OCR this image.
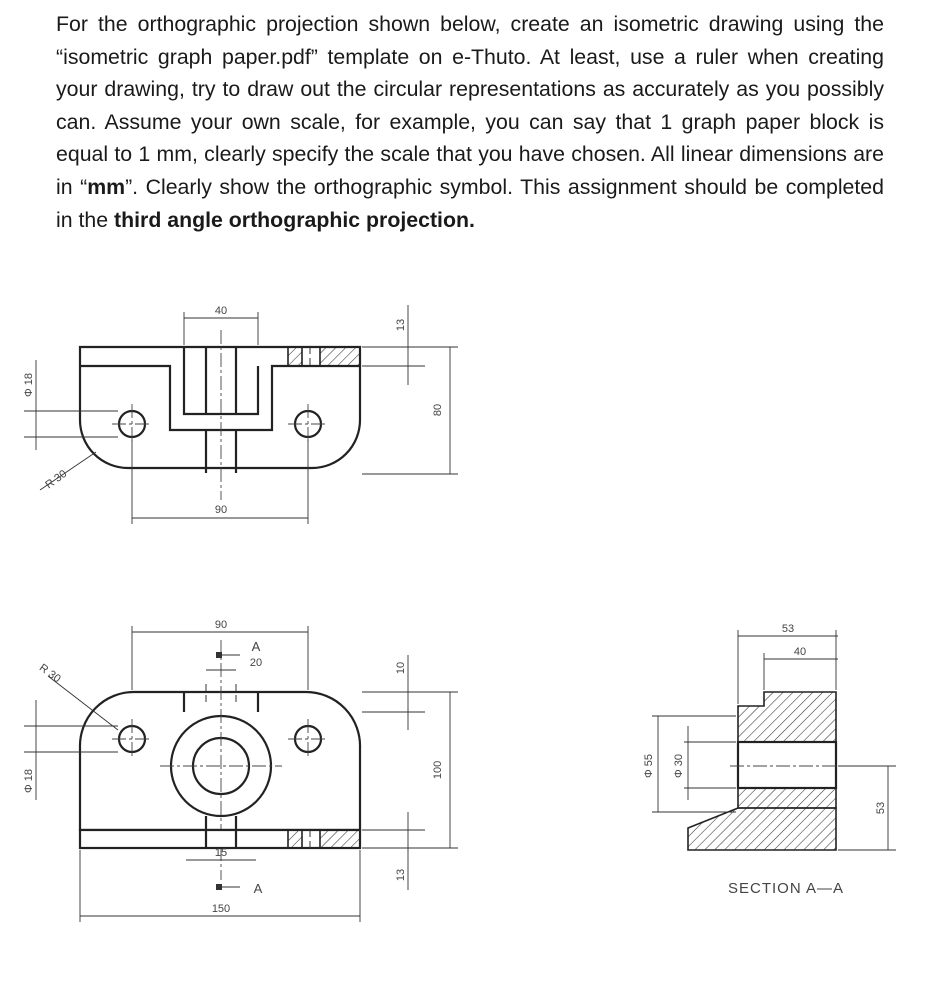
For the orthographic projection shown below, create an isometric drawing using the “isometric graph paper.pdf” template on e-Thuto. At least, use a ruler when creating your drawing, try to draw out the circular representations as accurately as you possibly can. Assume your own scale, for example, you can say that 1 graph paper block is equal to 1 mm, clearly specify the scale that you have chosen. All linear dimensions are in “mm”. Clearly show the orthographic symbol. This assignment should be completed in the third angle orthographic projection.

40
13
80
90
Φ 18
R 30
90
A
20	10
100
13
15
A
150
Φ 18
R 30
53
40
Φ 55 Φ 30
53
SECTION A—A
